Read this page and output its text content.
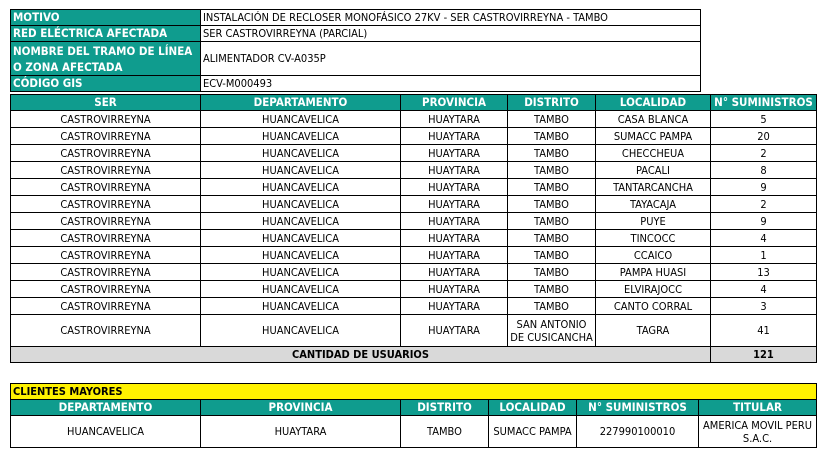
MOTIVO	INSTALACIÓN DE RECLOSER MONOFÁSICO 27KV - SER CASTROVIRREYNA - TAMBO
RED ELÉCTRICA AFECTADA	SER CASTROVIRREYNA (PARCIAL)
NOMBRE DEL TRAMO DE LÍNEA O ZONA AFECTADA	ALIMENTADOR CV-A035P
CÓDIGO GIS	ECV-M000493
SER	DEPARTAMENTO	PROVINCIA	DISTRITO	LOCALIDAD	N° SUMINISTROS
CASTROVIRREYNA	HUANCAVELICA	HUAYTARA	TAMBO	CASA BLANCA	5
CASTROVIRREYNA	HUANCAVELICA	HUAYTARA	TAMBO	SUMACC PAMPA	20
CASTROVIRREYNA	HUANCAVELICA	HUAYTARA	TAMBO	CHECCHEUA	2
CASTROVIRREYNA	HUANCAVELICA	HUAYTARA	TAMBO	PACALI	8
CASTROVIRREYNA	HUANCAVELICA	HUAYTARA	TAMBO	TANTARCANCHA	9
CASTROVIRREYNA	HUANCAVELICA	HUAYTARA	TAMBO	TAYACAJA	2
CASTROVIRREYNA	HUANCAVELICA	HUAYTARA	TAMBO	PUYE	9
CASTROVIRREYNA	HUANCAVELICA	HUAYTARA	TAMBO	TINCOCC	4
CASTROVIRREYNA	HUANCAVELICA	HUAYTARA	TAMBO	CCAICO	1
CASTROVIRREYNA	HUANCAVELICA	HUAYTARA	TAMBO	PAMPA HUASI	13
CASTROVIRREYNA	HUANCAVELICA	HUAYTARA	TAMBO	ELVIRAJOCC	4
CASTROVIRREYNA	HUANCAVELICA	HUAYTARA	TAMBO	CANTO CORRAL	3
CASTROVIRREYNA	HUANCAVELICA	HUAYTARA	SAN ANTONIO DE CUSICANCHA	TAGRA	41
CANTIDAD DE USUARIOS					121
CLIENTES MAYORES					
DEPARTAMENTO	PROVINCIA	DISTRITO	LOCALIDAD	N° SUMINISTROS	TITULAR
HUANCAVELICA	HUAYTARA	TAMBO	SUMACC PAMPA	227990100010	AMERICA MOVIL PERU S.A.C.
